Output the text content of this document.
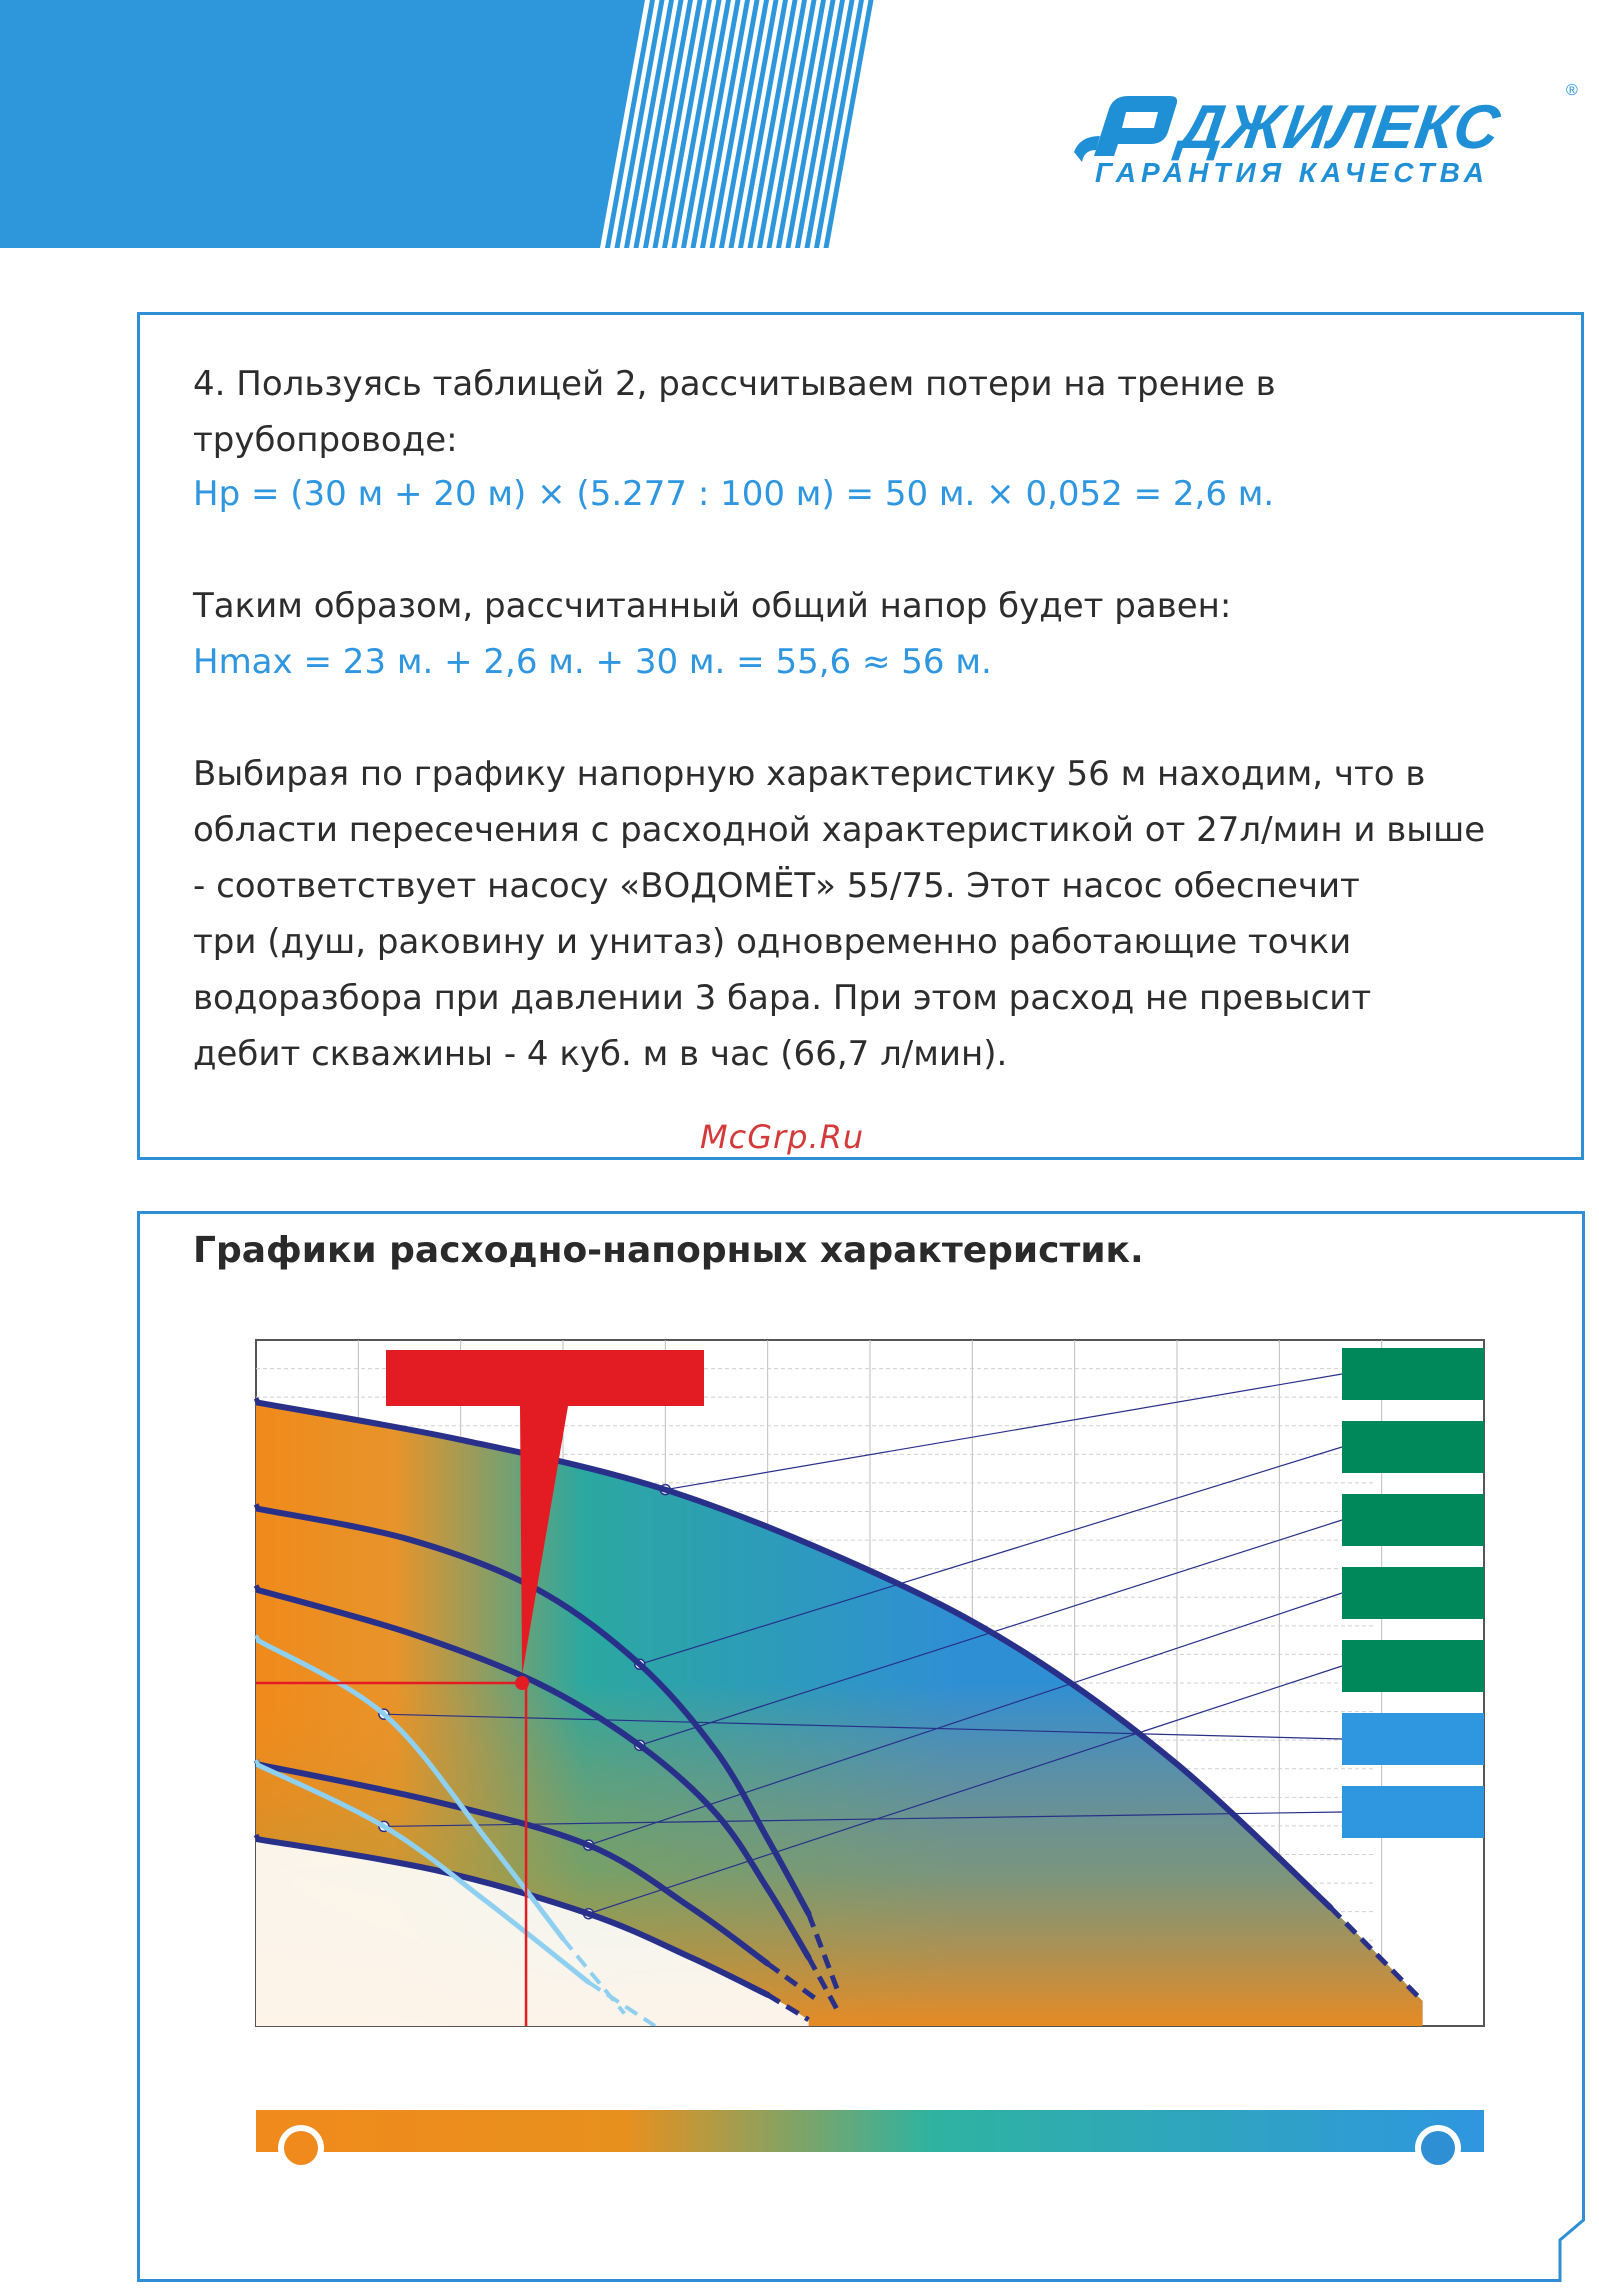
ДЖИЛЕКС
®
ГАРАНТИЯ КАЧЕСТВА
4. Пользуясь таблицей 2, рассчитываем потери на трение в
трубопроводе:
Hp = (30 м + 20 м) × (5.277 : 100 м) = 50 м. × 0,052 = 2,6 м.
Таким образом, рассчитанный общий напор будет равен:
Hmax = 23 м. + 2,6 м. + 30 м. = 55,6 ≈ 56 м.
Выбирая по графику напорную характеристику 56 м находим, что в
области пересечения с расходной характеристикой от 27л/мин и выше
- соответствует насосу «ВОДОМЁТ» 55/75. Этот насос обеспечит
три (душ, раковину и унитаз) одновременно работающие точки
водоразбора при давлении 3 бара. При этом расход не превысит
дебит скважины - 4 куб. м в час (66,7 л/мин).
McGrp.Ru
Графики расходно-напорных характеристик.
